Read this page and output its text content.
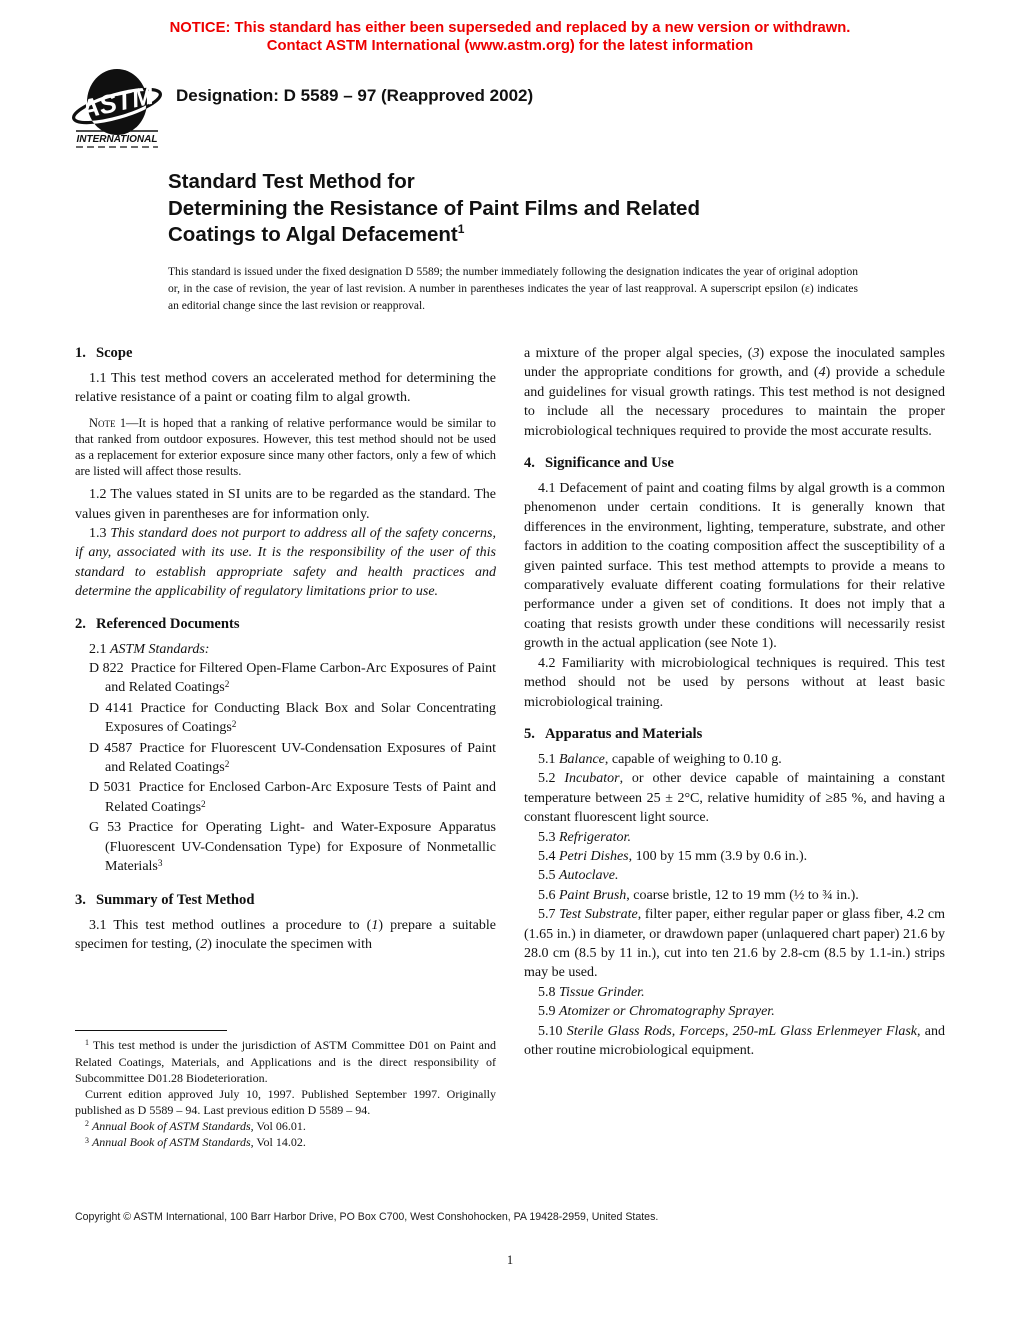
NOTICE: This standard has either been superseded and replaced by a new version or withdrawn.
Contact ASTM International (www.astm.org) for the latest information
ASTM
INTERNATIONAL
Designation: D 5589 – 97 (Reapproved 2002)
Standard Test Method for
Determining the Resistance of Paint Films and Related
Coatings to Algal Defacement$^1$

This standard is issued under the fixed designation D 5589; the number immediately following the designation indicates the year of original adoption or, in the case of revision, the year of last revision. A number in parentheses indicates the year of last reapproval. A superscript epsilon (ε) indicates an editorial change since the last revision or reapproval.

1. Scope

1.1 This test method covers an accelerated method for determining the relative resistance of a paint or coating film to algal growth.

Note 1—It is hoped that a ranking of relative performance would be similar to that ranked from outdoor exposures. However, this test method should not be used as a replacement for exterior exposure since many other factors, only a few of which are listed will affect those results.

1.2 The values stated in SI units are to be regarded as the standard. The values given in parentheses are for information only.

1.3 This standard does not purport to address all of the safety concerns, if any, associated with its use. It is the responsibility of the user of this standard to establish appropriate safety and health practices and determine the applicability of regulatory limitations prior to use.

2. Referenced Documents

2.1 ASTM Standards:

D 822 Practice for Filtered Open-Flame Carbon-Arc Exposures of Paint and Related Coatings$^2$
D 4141 Practice for Conducting Black Box and Solar Concentrating Exposures of Coatings$^2$
D 4587 Practice for Fluorescent UV-Condensation Exposures of Paint and Related Coatings$^2$
D 5031 Practice for Enclosed Carbon-Arc Exposure Tests of Paint and Related Coatings$^2$
G 53 Practice for Operating Light- and Water-Exposure Apparatus (Fluorescent UV-Condensation Type) for Exposure of Nonmetallic Materials$^3$
3. Summary of Test Method

3.1 This test method outlines a procedure to (1) prepare a suitable specimen for testing, (2) inoculate the specimen with

a mixture of the proper algal species, (3) expose the inoculated samples under the appropriate conditions for growth, and (4) provide a schedule and guidelines for visual growth ratings. This test method is not designed to include all the necessary procedures to maintain the proper microbiological techniques required to provide the most accurate results.

4. Significance and Use

4.1 Defacement of paint and coating films by algal growth is a common phenomenon under certain conditions. It is generally known that differences in the environment, lighting, temperature, substrate, and other factors in addition to the coating composition affect the susceptibility of a given painted surface. This test method attempts to provide a means to comparatively evaluate different coating formulations for their relative performance under a given set of conditions. It does not imply that a coating that resists growth under these conditions will necessarily resist growth in the actual application (see Note 1).

4.2 Familiarity with microbiological techniques is required. This test method should not be used by persons without at least basic microbiological training.

5. Apparatus and Materials

5.1 Balance, capable of weighing to 0.10 g.

5.2 Incubator, or other device capable of maintaining a constant temperature between 25 ± 2°C, relative humidity of ≥85 %, and having a constant fluorescent light source.

5.3 Refrigerator.

5.4 Petri Dishes, 100 by 15 mm (3.9 by 0.6 in.).

5.5 Autoclave.

5.6 Paint Brush, coarse bristle, 12 to 19 mm (½ to ¾ in.).

5.7 Test Substrate, filter paper, either regular paper or glass fiber, 4.2 cm (1.65 in.) in diameter, or drawdown paper (unlaquered chart paper) 21.6 by 28.0 cm (8.5 by 11 in.), cut into ten 21.6 by 2.8-cm (8.5 by 1.1-in.) strips may be used.

5.8 Tissue Grinder.

5.9 Atomizer or Chromatography Sprayer.

5.10 Sterile Glass Rods, Forceps, 250-mL Glass Erlenmeyer Flask, and other routine microbiological equipment.

$^1$ This test method is under the jurisdiction of ASTM Committee D01 on Paint and Related Coatings, Materials, and Applications and is the direct responsibility of Subcommittee D01.28 Biodeterioration.

Current edition approved July 10, 1997. Published September 1997. Originally published as D 5589 – 94. Last previous edition D 5589 – 94.

$^2$ Annual Book of ASTM Standards, Vol 06.01.

$^3$ Annual Book of ASTM Standards, Vol 14.02.

Copyright © ASTM International, 100 Barr Harbor Drive, PO Box C700, West Conshohocken, PA 19428-2959, United States.
1
